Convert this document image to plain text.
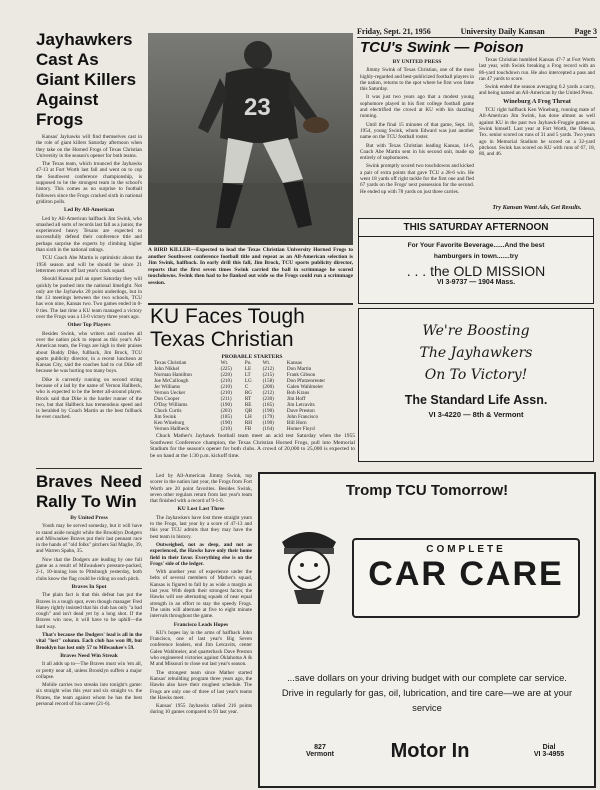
Friday, Sept. 21, 1956	University Daily Kansan	Page 3
Jayhawkers Cast As Giant Killers Against Frogs

Kansas' Jayhawks will find themselves cast in the role of giant killers Saturday afternoon when they take on the Horned Frogs of Texas Christian University in the season's opener for both teams.

The Texas team, which trounced the Jayhawks 47-13 at Fort Worth last fall and went on to cop the Southwest conference championship, is supposed to be the strongest team in the school's history. This comes as no surprise to football followers since the Frogs cracked sixth in national gridiron polls.

Led By All-American

Led by All-American halfback Jim Swink, who smashed all sorts of records last fall as a junior, the experienced heavy Texans are expected to successfully defend their conference title and perhaps surprise the experts by climbing higher than sixth in the national ratings.

TCU Coach Abe Martin is optimistic about the 1956 season and will be should be since 21 lettermen return off last year's crack squad.

Should Kansas pull an upset Saturday they will quickly be pushed into the national limelight. Not only are the Jayhawks 20 point underdogs, but in the 13 meetings between the two schools, TCU has won nine, Kansas two. Two games ended in 0-0 ties. The last time a KU team managed a victory over the Frogs was a 13-0 victory three years ago.

Other Top Players

Besides Swink, who writers and coaches all over the nation pick to repeat as this year's All-American team, the Frogs are high in their praises about Buddy Dike, fullback, Jim Brock, TCU sports publicity director, in a recent luncheon at Kansas City, said the coaches had to cut Dike off because he was hurting too many boys.

Dike is currently running on second string because of a lad by the name of Vernon Hallbeck, who is expected to be the better all-around player. Brock said that Dike is the harder runner of the two, but that Hallbeck has tremendous speed and is heralded by Coach Martin as the best fullback he ever coached.

Braves Need Rally To Win
By United Press

Youth may be served someday, but it will have to stand aside tonight while the Brooklyn Dodgers and Milwaukee Braves put their last pennant race in the hands of "old folks" pitchers Sal Maglie, 39, and Warren Spahn, 35.

Now that the Dodgers are leading by one full game as a result of Milwaukee's pressure-packed, 2-1, 10-inning loss to Pittsburgh yesterday, both clubs know the flag could be riding on each pitch.

Braves In Spot

The plain fact is that this defeat has put the Braves in a tough spot, even though manager Fred Haney rightly insisted that his club has only "a bad cough" and isn't dead yet by a long shot. If the Braves win now, it will have to be uphill—the hard way.

That's because the Dodgers' lead is all in the vital "lost" column. Each club has won 88, but Brooklyn has lost only 57 to Milwaukee's 59.

Braves Need Win Streak

It all adds up to—The Braves must win 'em all, or pretty near all, unless Brooklyn suffers a major collapse.

Mobile carries two streaks into tonight's game: six straight wins this year and six straight vs. the Pirates, the team against whom he has the best personal record of his career (21-6).

23
A BIRD KILLER—Expected to lead the Texas Christian University Horned Frogs to another Southwest conference football title and repeat as an All-American selection is Jim Swink, halfback. In early drill this fall, Jim Brock, TCU sports publicity director, reports that the first seven times Swink carried the ball in scrimmage he scored touchdowns. Swink then had to be flanked out wide so the Frogs could run a scrimmage session.
KU Faces Tough Texas Christian
PROBABLE STARTERS
Texas Christian	Wt.	Po.	Wt.	Kansas
John Nikkel	(225)	LE	(212)	Don Martin
Norman Hamilton	(220)	LT	(215)	Frank Gibson
Joe McCullough	(210)	LG	(158)	Don Pfutzenreuter
Jer Williams	(210)	C	(200)	Galen Wahlmeier
Vernon Uecker	(210)	RG	(212)	Bob Kraus
Don Cooper	(211)	RT	(230)	Jim Hoff
O'Day Williams	(190)	RE	(185)	Jim Letcavits
Chuck Curtis	(203)	QB	(190)	Dave Preston
Jim Swink	(185)	LH	(179)	John Francisco
Ken Wineburg	(190)	RH	(190)	Bill Horn
Vernon Hallbeck	(210)	FB	(164)	Homer Floyd

Chuck Mather's Jayhawk football team meet an acid test Saturday when the 1955 Southwest Conference champion, the Texas Christian Horned Frogs, pull into Memorial Stadium for the season's opener for both clubs. A crowd of 20,000 to 25,000 is expected to be on hand at the 1:30 p.m. kickoff time.

Led by All-American Jimmy Swink, top scorer in the nation last year, the Frogs from Fort Worth are 20 point favorites. Besides Swink, seven other regulars return from last year's team that finished with a record of 9-1-0.

KU Lost Last Three

The Jayhawkers have lost three straight years to the Frogs, last year by a score of 47-13 and this year TCU admits that they may have the best team in history.

Outweighed, not as deep, and not as experienced, the Hawks have only their home field in their favor. Everything else is on the Frogs' side of the ledger.

With another year of experience under the belts of several members of Mather's squad, Kansas is figured to fall by as wide a margin as last year. With depth their strongest factor, the Hawks will use alternating squads of near equal strength in an effort to stay the speedy Frogs. The units will alternate at five to eight minute intervals throughout the game.

Francisco Leads Hopes

KU's hopes lay in the arms of halfback John Francisco, one of last year's Big Seven conference leaders, end Jim Letcavits, center Galen Wahlmeier, and quarterback Dave Preston who engineered victories against Oklahoma A & M and Missouri to close out last year's season.

The strongest team since Mather started Kansas' rebuilding program three years ago, the Hawks also have their roughest schedule. The Frogs are only one of three of last year's teams the Hawks meet.

Kansas' 1955 Jayhawks tallied 216 points during 10 games compared to 93 last year.

TCU's Swink — Poison
BY UNITED PRESS

Jimmy Swink of Texas Christian, one of the most highly-regarded and best-publicized football players in the nation, returns to the spot where he first won fame this Saturday.

It was just two years ago that a modest young sophomore played in his first college football game and electrified the crowd at KU with his dazzling running.

Until the final 15 minutes of that game, Sept. 18, 1954, young Swink, whom Edward was just another name on the TCU football roster.

But with Texas Christian leading Kansas, 14-6, Coach Abe Martin sent in his second unit, made up entirely of sophomores.

Swink promptly scored two touchdowns and kicked a pair of extra points that gave TCU a 28-6 win. He went 18 yards off right tackle for the first one and fled 67 yards on the Frogs' next possession for the second. He ended up with 78 yards on just three carries.

Texas Christian humbled Kansas 47-7 at Fort Worth last year, with Swink breaking a Frog record with an 86-yard touchdown run. He also intercepted a pass and ran 47 yards to score.

Swink ended the season averaging 6.2 yards a carry, and being named an All-American by the United Press.

Wineburg A Frog Threat

TCU right halfback Ken Wineburg, running mate of All-American Jim Swink, has done almost as well against KU in the past two Jayhawk-Froggie games as Swink himself. Last year at Fort Worth, the Odessa, Tex. senior scored on runs of 31 and 5 yards. Two years ago in Memorial Stadium he scored on a 32-yard pitchout. Swink has scored on KU with runs of 67, 18, 80, and 46.

Try Kansan Want Ads, Get Results.
THIS SATURDAY AFTERNOON
For Your Favorite Beverage......And the best
hamburgers in town.......try
. . . the OLD MISSION
VI 3-9737 — 1904 Mass.
We're Boosting
The Jayhawkers
On To Victory!
The Standard Life Assn.
VI 3-4220 — 8th & Vermont
Tromp TCU Tomorrow!
COMPLETE
CAR CARE
...save dollars on your driving budget with our complete car service. Drive in regularly for gas, oil, lubrication, and tire care—we are at your service
827
Vermont	Motor In	Dial
VI 3-4955
